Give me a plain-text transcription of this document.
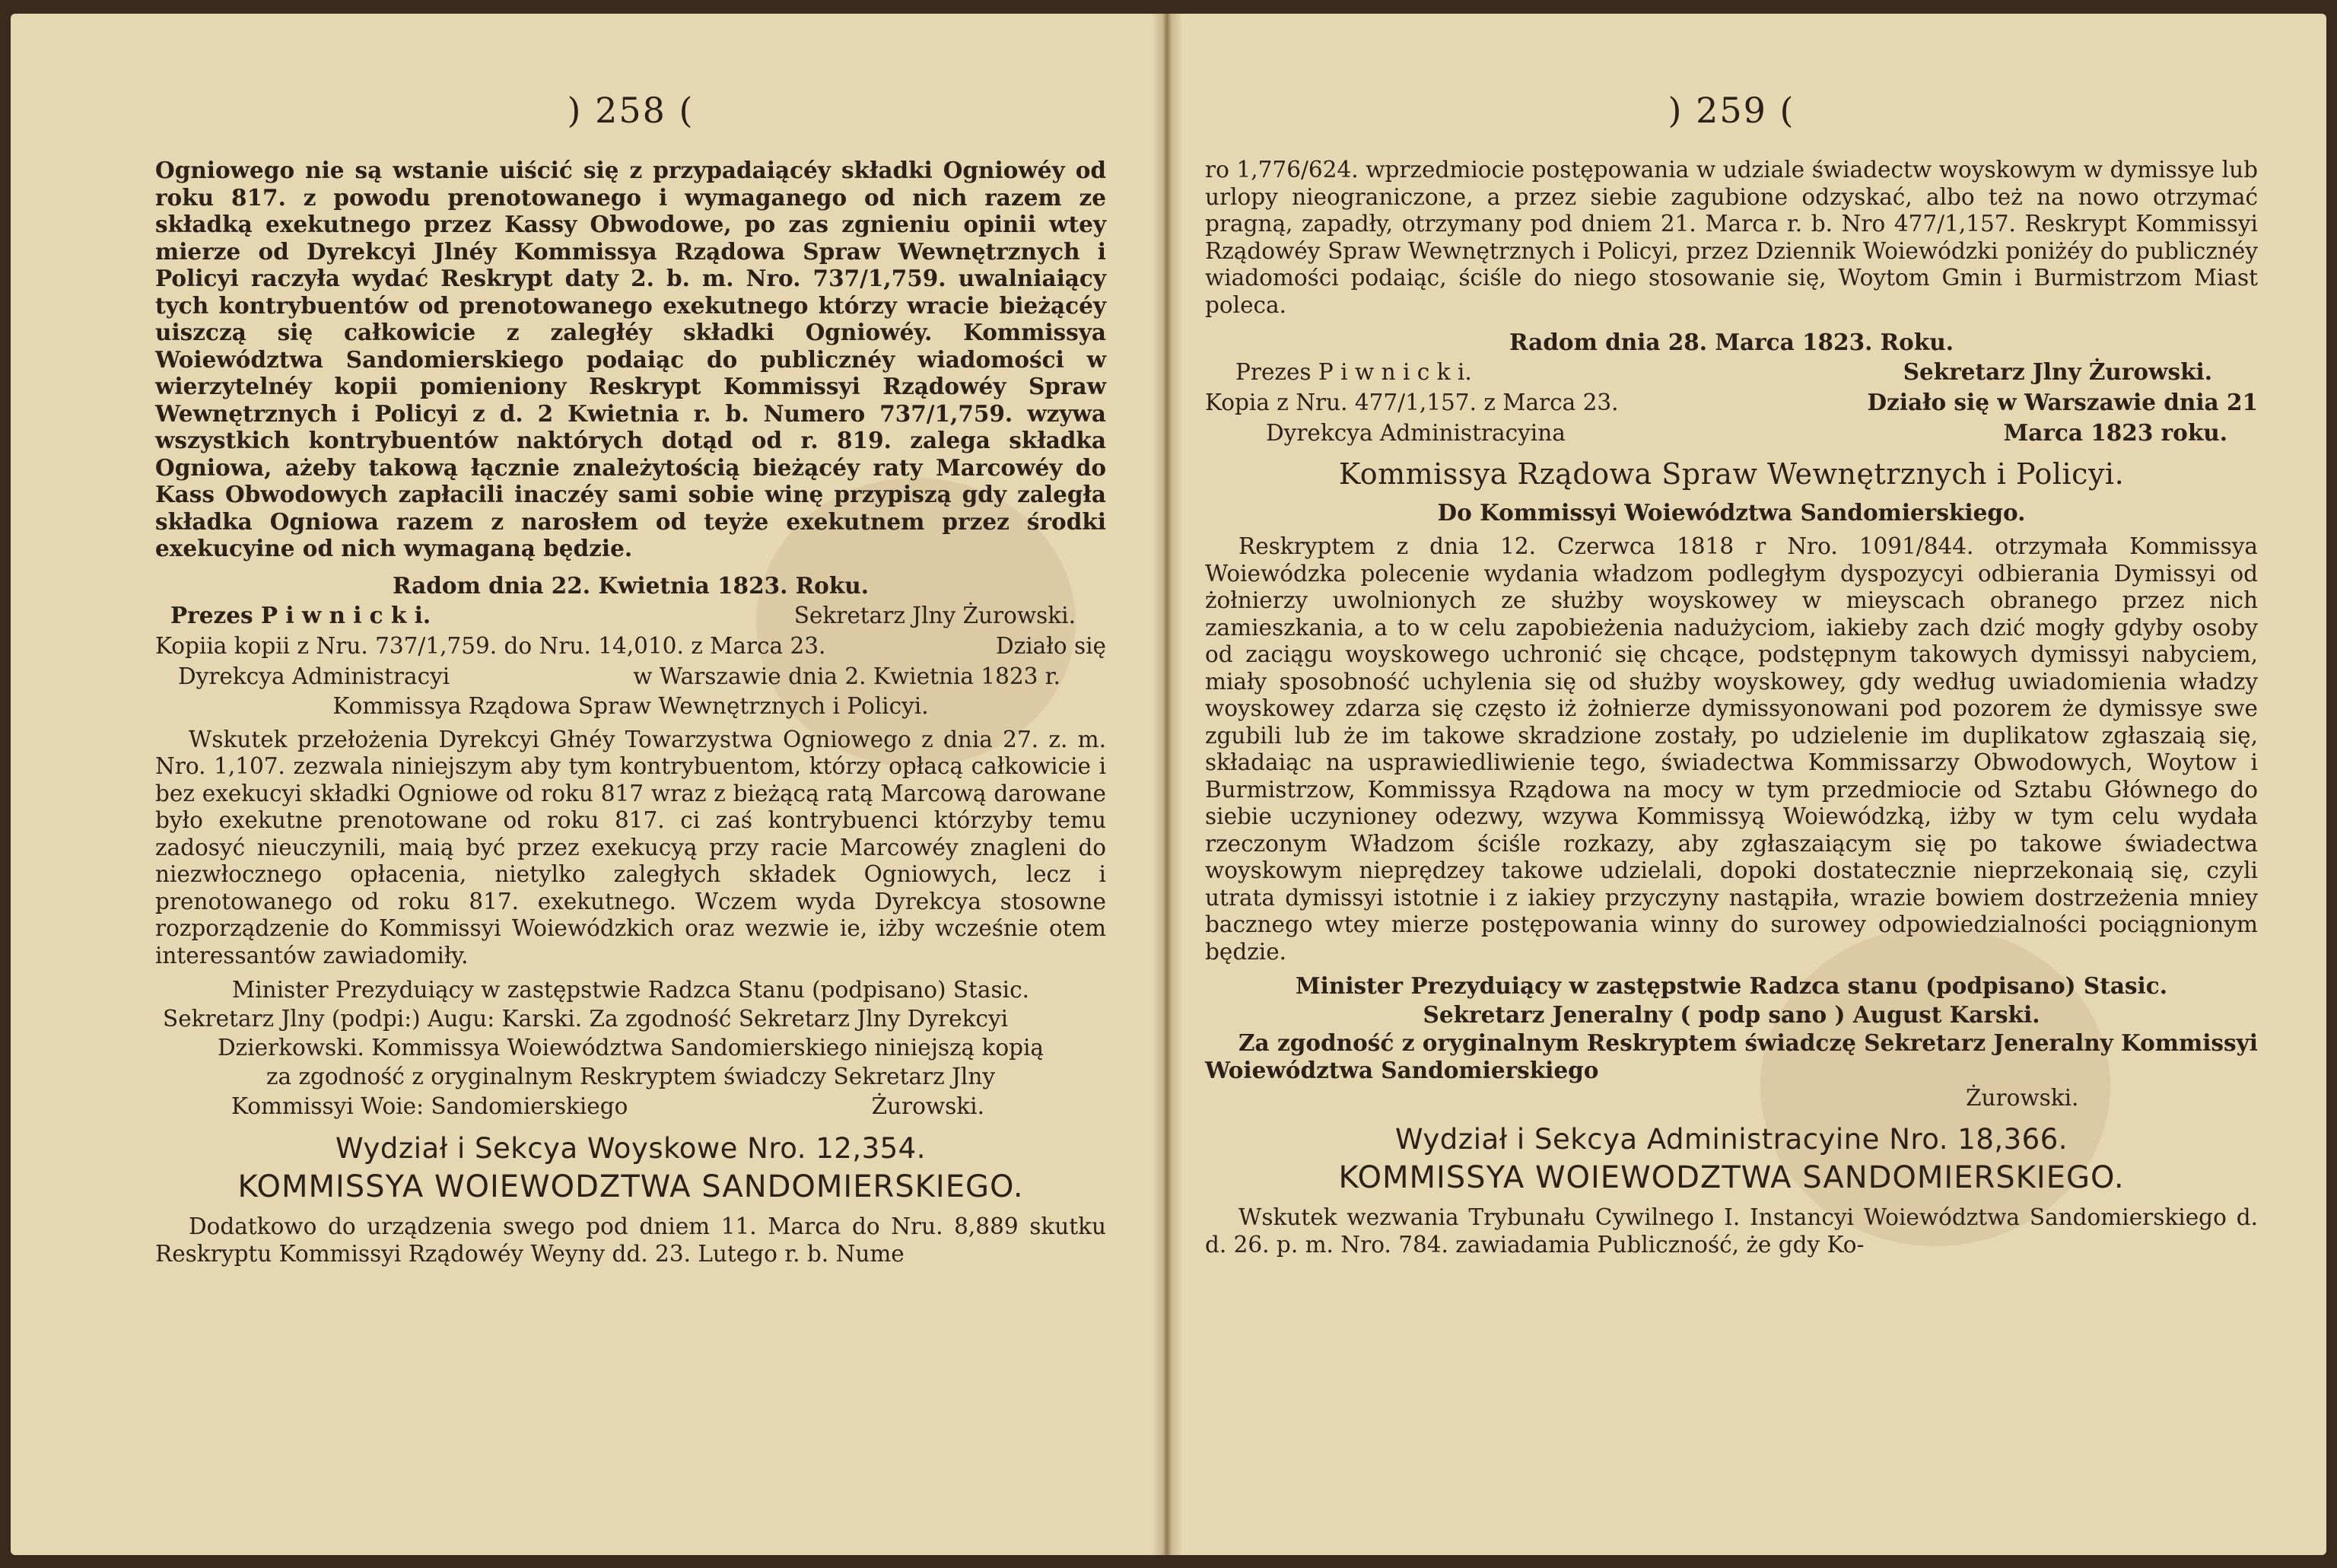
) 258 (

Ogniowego nie są wstanie uiścić się z przypadaiącéy składki Ogniowéy od roku 817. z powodu prenotowanego i wymaganego od nich razem ze składką exekutnego przez Kassy Obwodowe, po zas zgnieniu opinii wtey mierze od Dyrekcyi Jlnéy Kommissya Rządowa Spraw Wewnętrznych i Policyi raczyła wydać Reskrypt daty 2. b. m. Nro. 737/1,759. uwalniaiący tych kontrybuentów od prenotowanego exekutnego którzy wracie bieżącéy uiszczą się całkowicie z zaległéy składki Ogniowéy. Kommissya Woiewództwa Sandomierskiego podaiąc do publicznéy wiadomości w wierzytelnéy kopii pomieniony Reskrypt Kommissyi Rządowéy Spraw Wewnętrznych i Policyi z d. 2 Kwietnia r. b. Numero 737/1,759. wzywa wszystkich kontrybuentów naktórych dotąd od r. 819. zalega składka Ogniowa, ażeby takową łącznie znależytością bieżącéy raty Marcowéy do Kass Obwodowych zapłacili inaczéy sami sobie winę przypiszą gdy zaległa składka Ogniowa razem z narosłem od teyże exekutnem przez środki exekucyine od nich wymaganą będzie.

Radom dnia 22. Kwietnia 1823. Roku.
Prezes P i w n i c k i.	Sekretarz Jlny Żurowski.
Kopiia kopii z Nru. 737/1,759. do Nru. 14,010. z Marca 23.	Działo się
Dyrekcya Administracyi	w Warszawie dnia 2. Kwietnia 1823 r.
Kommissya Rządowa Spraw Wewnętrznych i Policyi.

Wskutek przełożenia Dyrekcyi Głnéy Towarzystwa Ogniowego z dnia 27. z. m. Nro. 1,107. zezwala niniejszym aby tym kontrybuentom, którzy opłacą całkowicie i bez exekucyi składki Ogniowe od roku 817 wraz z bieżącą ratą Marcową darowane było exekutne prenotowane od roku 817. ci zaś kontrybuenci którzyby temu zadosyć nieuczynili, maią być przez exekucyą przy racie Marcowéy znagleni do niezwłocznego opłacenia, nietylko zaległych składek Ogniowych, lecz i prenotowanego od roku 817. exekutnego. Wczem wyda Dyrekcya stosowne rozporządzenie do Kommissyi Woiewódzkich oraz wezwie ie, iżby wcześnie otem interessantów zawiadomiły.

Minister Prezyduiący w zastępstwie Radzca Stanu (podpisano) Stasic.
Sekretarz Jlny (podpi:) Augu: Karski. Za zgodność Sekretarz Jlny Dyrekcyi
Dzierkowski. Kommissya Woiewództwa Sandomierskiego niniejszą kopią
za zgodność z oryginalnym Reskryptem świadczy Sekretarz Jlny
Kommissyi Woie: Sandomierskiego	Żurowski.
Wydział i Sekcya Woyskowe Nro. 12,354.
KOMMISSYA WOIEWODZTWA SANDOMIERSKIEGO.

Dodatkowo do urządzenia swego pod dniem 11. Marca do Nru. 8,889 skutku Reskryptu Kommissyi Rządowéy Weyny dd. 23. Lutego r. b. Nume

) 259 (

ro 1,776/624. wprzedmiocie postępowania w udziale świadectw woyskowym w dymissye lub urlopy nieograniczone, a przez siebie zagubione odzyskać, albo też na nowo otrzymać pragną, zapadły, otrzymany pod dniem 21. Marca r. b. Nro 477/1,157. Reskrypt Kommissyi Rządowéy Spraw Wewnętrznych i Policyi, przez Dziennik Woiewódzki poniżéy do publicznéy wiadomości podaiąc, ściśle do niego stosowanie się, Woytom Gmin i Burmistrzom Miast poleca.

Radom dnia 28. Marca 1823. Roku.
Prezes P i w n i c k i.	Sekretarz Jlny Żurowski.
Kopia z Nru. 477/1,157. z Marca 23.	Działo się w Warszawie dnia 21
Dyrekcya Administracyina	Marca 1823 roku.
Kommissya Rządowa Spraw Wewnętrznych i Policyi.
Do Kommissyi Woiewództwa Sandomierskiego.

Reskryptem z dnia 12. Czerwca 1818 r Nro. 1091/844. otrzymała Kommissya Woiewódzka polecenie wydania władzom podległym dyspozycyi odbierania Dymissyi od żołnierzy uwolnionych ze służby woyskowey w mieyscach obranego przez nich zamieszkania, a to w celu zapobieżenia nadużyciom, iakieby zach dzić mogły gdyby osoby od zaciągu woyskowego uchronić się chcące, podstępnym takowych dymissyi nabyciem, miały sposobność uchylenia się od służby woyskowey, gdy według uwiadomienia władzy woyskowey zdarza się często iż żołnierze dymissyonowani pod pozorem że dymissye swe zgubili lub że im takowe skradzione zostały, po udzielenie im duplikatow zgłaszaią się, składaiąc na usprawiedliwienie tego, świadectwa Kommissarzy Obwodowych, Woytow i Burmistrzow, Kommissya Rządowa na mocy w tym przedmiocie od Sztabu Głównego do siebie uczynioney odezwy, wzywa Kommissyą Woiewódzką, iżby w tym celu wydała rzeczonym Władzom ściśle rozkazy, aby zgłaszaiącym się po takowe świadectwa woyskowym nieprędzey takowe udzielali, dopoki dostatecznie nieprzekonaią się, czyli utrata dymissyi istotnie i z iakiey przyczyny nastąpiła, wrazie bowiem dostrzeżenia mniey bacznego wtey mierze postępowania winny do surowey odpowiedzialności pociągnionym będzie.

Minister Prezyduiący w zastępstwie Radzca stanu (podpisano) Stasic.
Sekretarz Jeneralny ( podp sano ) August Karski.

Za zgodność z oryginalnym Reskryptem świadczę Sekretarz Jeneralny Kommissyi Woiewództwa Sandomierskiego

Żurowski.
Wydział i Sekcya Administracyine Nro. 18,366.
KOMMISSYA WOIEWODZTWA SANDOMIERSKIEGO.

Wskutek wezwania Trybunału Cywilnego I. Instancyi Woiewództwa Sandomierskiego d. d. 26. p. m. Nro. 784. zawiadamia Publiczność, że gdy Ko-
